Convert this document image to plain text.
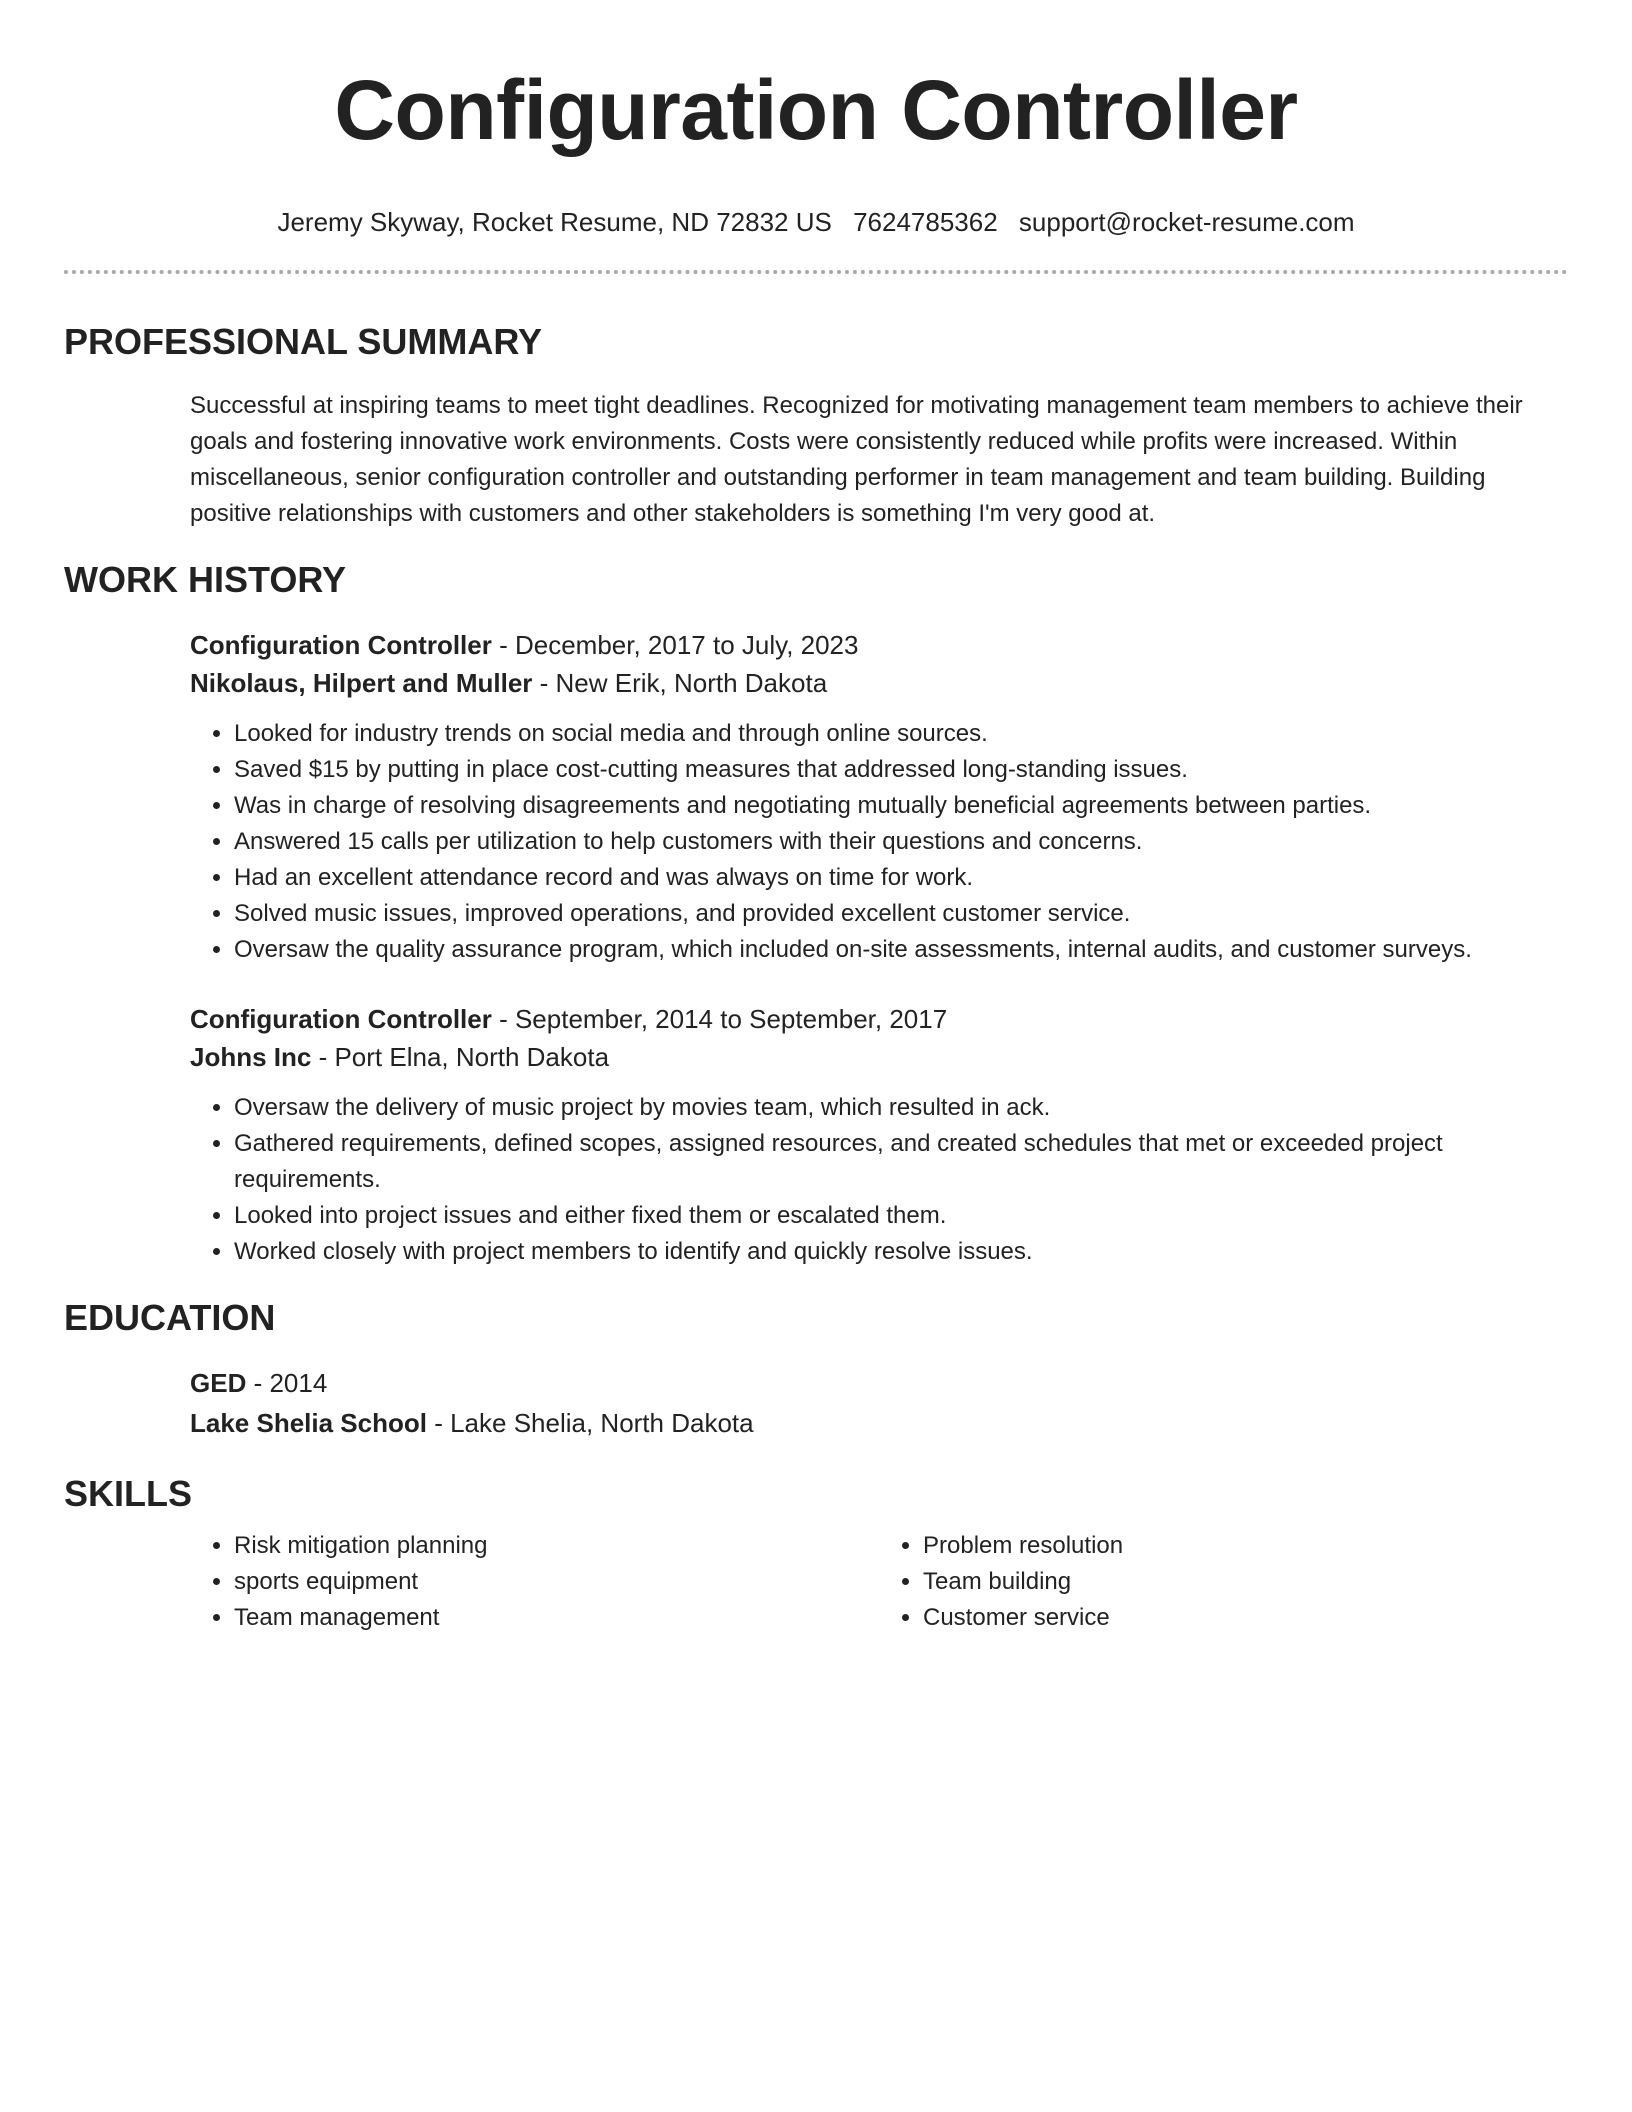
Configuration Controller
Jeremy Skyway, Rocket Resume, ND 72832 US 7624785362 support@rocket-resume.com
PROFESSIONAL SUMMARY

Successful at inspiring teams to meet tight deadlines. Recognized for motivating management team members to achieve their goals and fostering innovative work environments. Costs were consistently reduced while profits were increased. Within miscellaneous, senior configuration controller and outstanding performer in team management and team building. Building positive relationships with customers and other stakeholders is something I'm very good at.

WORK HISTORY

Configuration Controller - December, 2017 to July, 2023

Nikolaus, Hilpert and Muller - New Erik, North Dakota

• Looked for industry trends on social media and through online sources.
• Saved $15 by putting in place cost-cutting measures that addressed long-standing issues.
• Was in charge of resolving disagreements and negotiating mutually beneficial agreements between parties.
• Answered 15 calls per utilization to help customers with their questions and concerns.
• Had an excellent attendance record and was always on time for work.
• Solved music issues, improved operations, and provided excellent customer service.
• Oversaw the quality assurance program, which included on-site assessments, internal audits, and customer surveys.

Configuration Controller - September, 2014 to September, 2017

Johns Inc - Port Elna, North Dakota

• Oversaw the delivery of music project by movies team, which resulted in ack.
• Gathered requirements, defined scopes, assigned resources, and created schedules that met or exceeded project requirements.
• Looked into project issues and either fixed them or escalated them.
• Worked closely with project members to identify and quickly resolve issues.
EDUCATION

GED - 2014

Lake Shelia School - Lake Shelia, North Dakota

SKILLS
• Risk mitigation planning
• sports equipment
• Team management
• Problem resolution
• Team building
• Customer service
